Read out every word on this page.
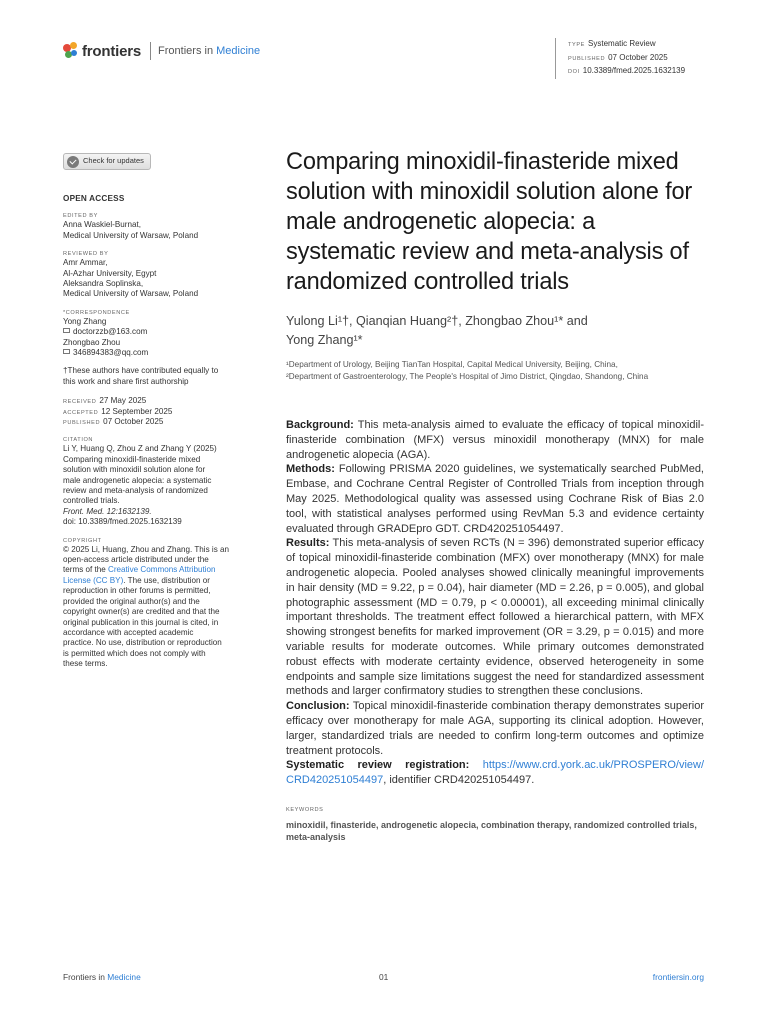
frontiers Frontiers in Medicine	TYPE Systematic Review
PUBLISHED 07 October 2025
DOI 10.3389/fmed.2025.1632139
Check for updates
OPEN ACCESS
EDITED BY
Anna Waskiel-Burnat,
Medical University of Warsaw, Poland
REVIEWED BY
Amr Ammar,
Al-Azhar University, Egypt
Aleksandra Soplinska,
Medical University of Warsaw, Poland
*CORRESPONDENCE
Yong Zhang
doctorzzb@163.com
Zhongbao Zhou
346894383@qq.com
†These authors have contributed equally to
this work and share first authorship
RECEIVED 27 May 2025
ACCEPTED 12 September 2025
PUBLISHED 07 October 2025
CITATION
Li Y, Huang Q, Zhou Z and Zhang Y (2025)
Comparing minoxidil-finasteride mixed
solution with minoxidil solution alone for
male androgenetic alopecia: a systematic
review and meta-analysis of randomized
controlled trials.
Front. Med. 12:1632139.
doi: 10.3389/fmed.2025.1632139
COPYRIGHT
© 2025 Li, Huang, Zhou and Zhang. This is an
open-access article distributed under the
terms of the Creative Commons Attribution
License (CC BY). The use, distribution or
reproduction in other forums is permitted,
provided the original author(s) and the
copyright owner(s) are credited and that the
original publication in this journal is cited, in
accordance with accepted academic
practice. No use, distribution or reproduction
is permitted which does not comply with
these terms.
Comparing minoxidil-finasteride mixed solution with minoxidil solution alone for male androgenetic alopecia: a systematic review and meta-analysis of randomized controlled trials
Yulong Li¹†, Qianqian Huang²†, Zhongbao Zhou¹* and
Yong Zhang¹*
¹Department of Urology, Beijing TianTan Hospital, Capital Medical University, Beijing, China,
²Department of Gastroenterology, The People's Hospital of Jimo District, Qingdao, Shandong, China

Background: This meta-analysis aimed to evaluate the efficacy of topical minoxidil-finasteride combination (MFX) versus minoxidil monotherapy (MNX) for male androgenetic alopecia (AGA).

Methods: Following PRISMA 2020 guidelines, we systematically searched PubMed, Embase, and Cochrane Central Register of Controlled Trials from inception through May 2025. Methodological quality was assessed using Cochrane Risk of Bias 2.0 tool, with statistical analyses performed using RevMan 5.3 and evidence certainty evaluated through GRADEpro GDT. CRD420251054497.

Results: This meta-analysis of seven RCTs (N = 396) demonstrated superior efficacy of topical minoxidil-finasteride combination (MFX) over monotherapy (MNX) for male androgenetic alopecia. Pooled analyses showed clinically meaningful improvements in hair density (MD = 9.22, p = 0.04), hair diameter (MD = 2.26, p = 0.005), and global photographic assessment (MD = 0.79, p < 0.00001), all exceeding minimal clinically important thresholds. The treatment effect followed a hierarchical pattern, with MFX showing strongest benefits for marked improvement (OR = 3.29, p = 0.015) and more variable results for moderate outcomes. While primary outcomes demonstrated robust effects with moderate certainty evidence, observed heterogeneity in some endpoints and sample size limitations suggest the need for standardized assessment methods and larger confirmatory studies to strengthen these conclusions.

Conclusion: Topical minoxidil-finasteride combination therapy demonstrates superior efficacy over monotherapy for male AGA, supporting its clinical adoption. However, larger, standardized trials are needed to confirm long-term outcomes and optimize treatment protocols.

Systematic review registration: https://www.crd.york.ac.uk/PROSPERO/view/ CRD420251054497, identifier CRD420251054497.

KEYWORDS
minoxidil, finasteride, androgenetic alopecia, combination therapy, randomized controlled trials, meta-analysis
Frontiers in Medicine	01	frontiersin.org
